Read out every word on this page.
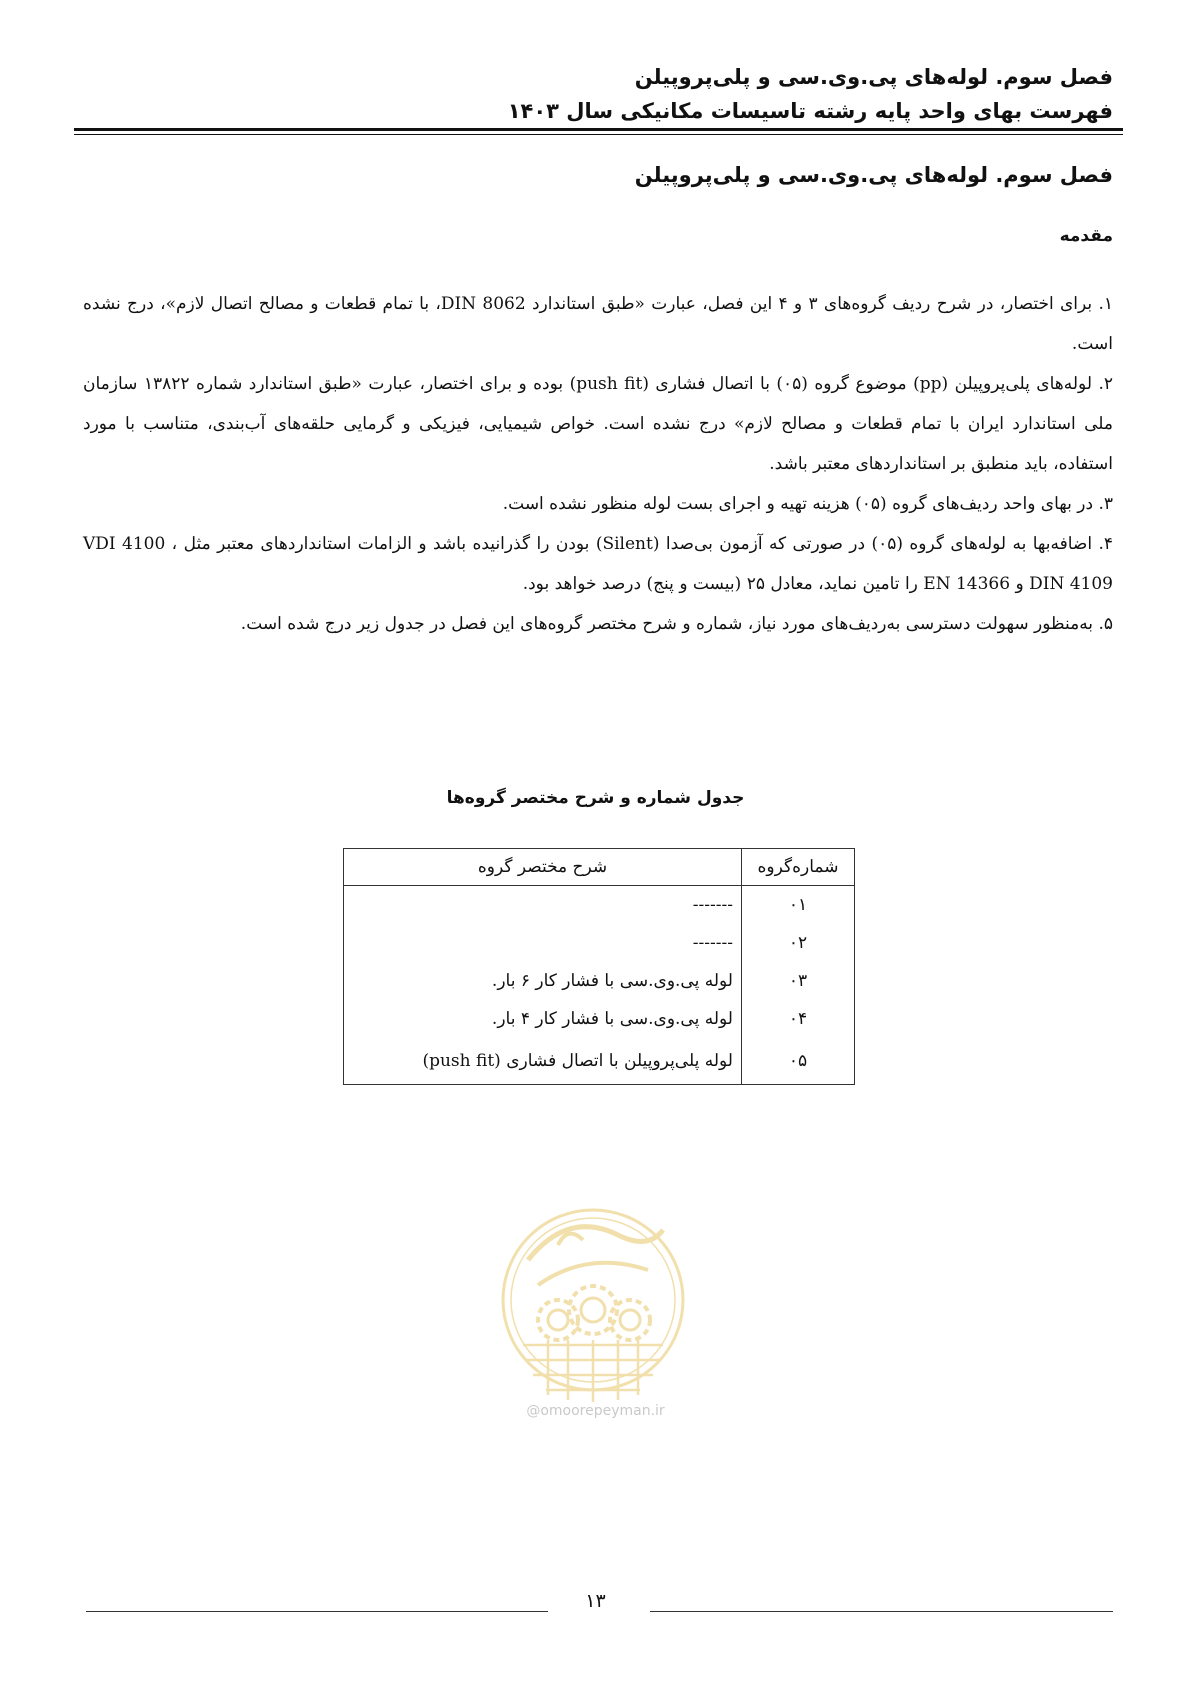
فصل سوم. لوله‌های پی.وی.سی و پلی‌پروپیلن
فهرست بهای واحد پایه رشته تاسیسات مکانیکی سال ۱۴۰۳
فصل سوم. لوله‌های پی.وی.سی و پلی‌پروپیلن
مقدمه

۱. برای اختصار، در شرح ردیف گروه‌های ۳ و ۴ این فصل، عبارت «طبق استاندارد DIN 8062، با تمام قطعات و مصالح اتصال لازم»، درج نشده است.

۲. لوله‌های پلی‌پروپیلن (pp) موضوع گروه (۰۵) با اتصال فشاری (push fit) بوده و برای اختصار، عبارت «طبق استاندارد شماره ۱۳۸۲۲ سازمان ملی استاندارد ایران با تمام قطعات و مصالح لازم» درج نشده است. خواص شیمیایی، فیزیکی و گرمایی حلقه‌های آب‌بندی، متناسب با مورد استفاده، باید منطبق بر استانداردهای معتبر باشد.

۳. در بهای واحد ردیف‌های گروه (۰۵) هزینه تهیه و اجرای بست لوله منظور نشده است.

۴. اضافه‌بها به لوله‌های گروه (۰۵) در صورتی که آزمون بی‌صدا (Silent) بودن را گذرانیده باشد و الزامات استانداردهای معتبر مثل VDI 4100 ، DIN 4109 و EN 14366 را تامین نماید، معادل ۲۵ (بیست و پنج) درصد خواهد بود.

۵. به‌منظور سهولت دسترسی به‌ردیف‌های مورد نیاز، شماره و شرح مختصر گروه‌های این فصل در جدول زیر درج شده است.

جدول شماره و شرح مختصر گروه‌ها
شماره‌گروه	شرح مختصر گروه
۰۱	-------
۰۲	-------
۰۳	لوله پی.وی.سی با فشار کار ۶ بار.
۰۴	لوله پی.وی.سی با فشار کار ۴ بار.
۰۵	لوله پلی‌پروپیلن با اتصال فشاری (push fit)
@omoorepeyman.ir
۱۳
